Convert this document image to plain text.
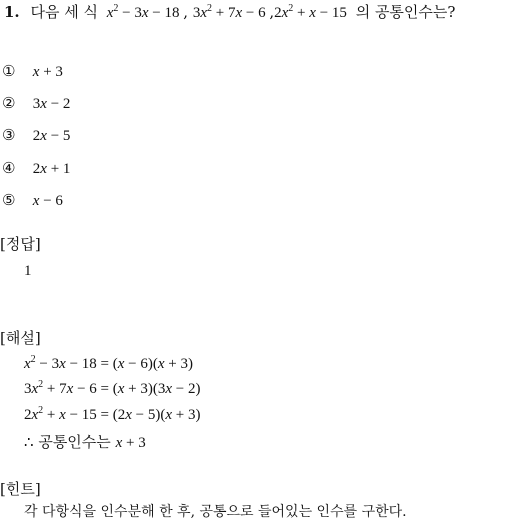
1. 다음 세 식 $x^2 - 3x - 18$ , $3x^2 + 7x - 6$ $,2x^2 + x - 15$ 의 공통인수는?
① x + 3
② 3x − 2
③ 2x − 5
④ 2x + 1
⑤ x − 6
[정답]
1
[해설]
$x^2 - 3x - 18 = (x - 6)(x + 3)$
$3x^2 + 7x - 6 = (x + 3)(3x - 2)$
$2x^2 + x - 15 = (2x - 5)(x + 3)$
∴ 공통인수는 x + 3
[힌트]
각 다항식을 인수분해 한 후, 공통으로 들어있는 인수를 구한다.
